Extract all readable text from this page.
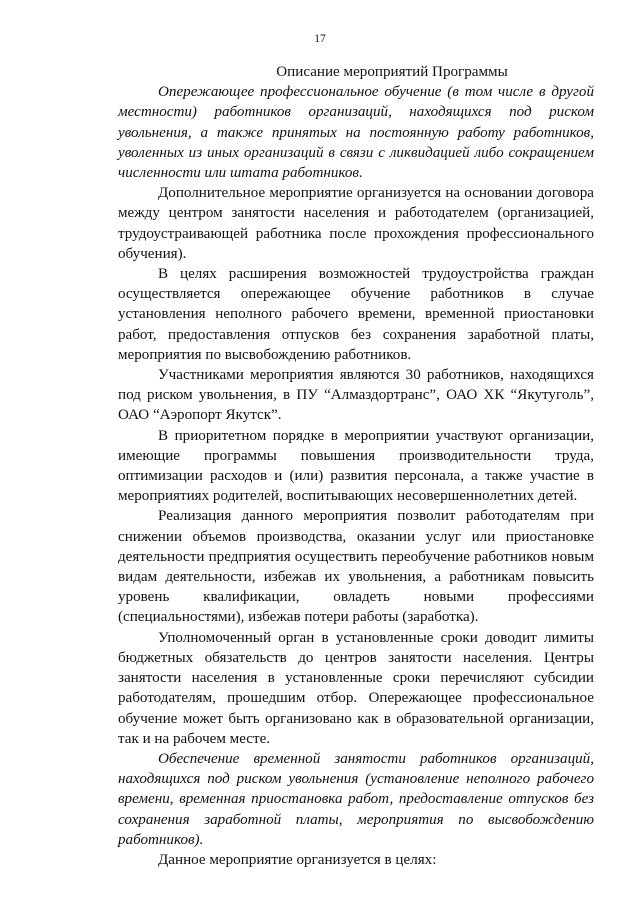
17
Описание мероприятий Программы

Опережающее профессиональное обучение (в том числе в другой местности) работников организаций, находящихся под риском увольнения, а также принятых на постоянную работу работников, уволенных из иных организаций в связи с ликвидацией либо сокращением численности или штата работников.

Дополнительное мероприятие организуется на основании договора между центром занятости населения и работодателем (организацией, трудоустраивающей работника после прохождения профессионального обучения).

В целях расширения возможностей трудоустройства граждан осуществляется опережающее обучение работников в случае установления неполного рабочего времени, временной приостановки работ, предоставления отпусков без сохранения заработной платы, мероприятия по высвобождению работников.

Участниками мероприятия являются 30 работников, находящихся под риском увольнения, в ПУ “Алмаздортранс”, ОАО ХК “Якутуголь”, ОАО “Аэропорт Якутск”.

В приоритетном порядке в мероприятии участвуют организации, имеющие программы повышения производительности труда, оптимизации расходов и (или) развития персонала, а также участие в мероприятиях родителей, воспитывающих несовершеннолетних детей.

Реализация данного мероприятия позволит работодателям при снижении объемов производства, оказании услуг или приостановке деятельности предприятия осуществить переобучение работников новым видам деятельности, избежав их увольнения, а работникам повысить уровень квалификации, овладеть новыми профессиями (специальностями), избежав потери работы (заработка).

Уполномоченный орган в установленные сроки доводит лимиты бюджетных обязательств до центров занятости населения. Центры занятости населения в установленные сроки перечисляют субсидии работодателям, прошедшим отбор. Опережающее профессиональное обучение может быть организовано как в образовательной организации, так и на рабочем месте.

Обеспечение временной занятости работников организаций, находящихся под риском увольнения (установление неполного рабочего времени, временная приостановка работ, предоставление отпусков без сохранения заработной платы, мероприятия по высвобождению работников).

Данное мероприятие организуется в целях:
